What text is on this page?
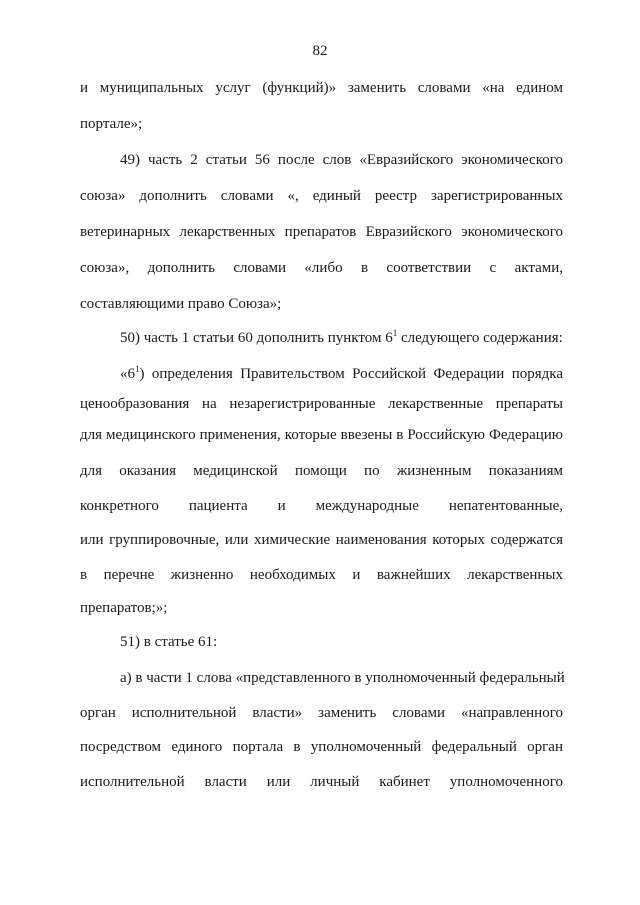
82
и муниципальных услуг (функций)» заменить словами «на едином
портале»;
49) часть 2 статьи 56 после слов «Евразийского экономического
союза» дополнить словами «, единый реестр зарегистрированных
ветеринарных лекарственных препаратов Евразийского экономического
союза», дополнить словами «либо в соответствии с актами,
составляющими право Союза»;
50) часть 1 статьи 60 дополнить пунктом $6^1$ следующего содержания:
«$6^1$) определения Правительством Российской Федерации порядка
ценообразования на незарегистрированные лекарственные препараты
для медицинского применения, которые ввезены в Российскую Федерацию
для оказания медицинской помощи по жизненным показаниям
конкретного пациента и международные непатентованные,
или группировочные, или химические наименования которых содержатся
в перечне жизненно необходимых и важнейших лекарственных
препаратов;»;
51) в статье 61:
а) в части 1 слова «представленного в уполномоченный федеральный
орган исполнительной власти» заменить словами «направленного
посредством единого портала в уполномоченный федеральный орган
исполнительной власти или личный кабинет уполномоченного
